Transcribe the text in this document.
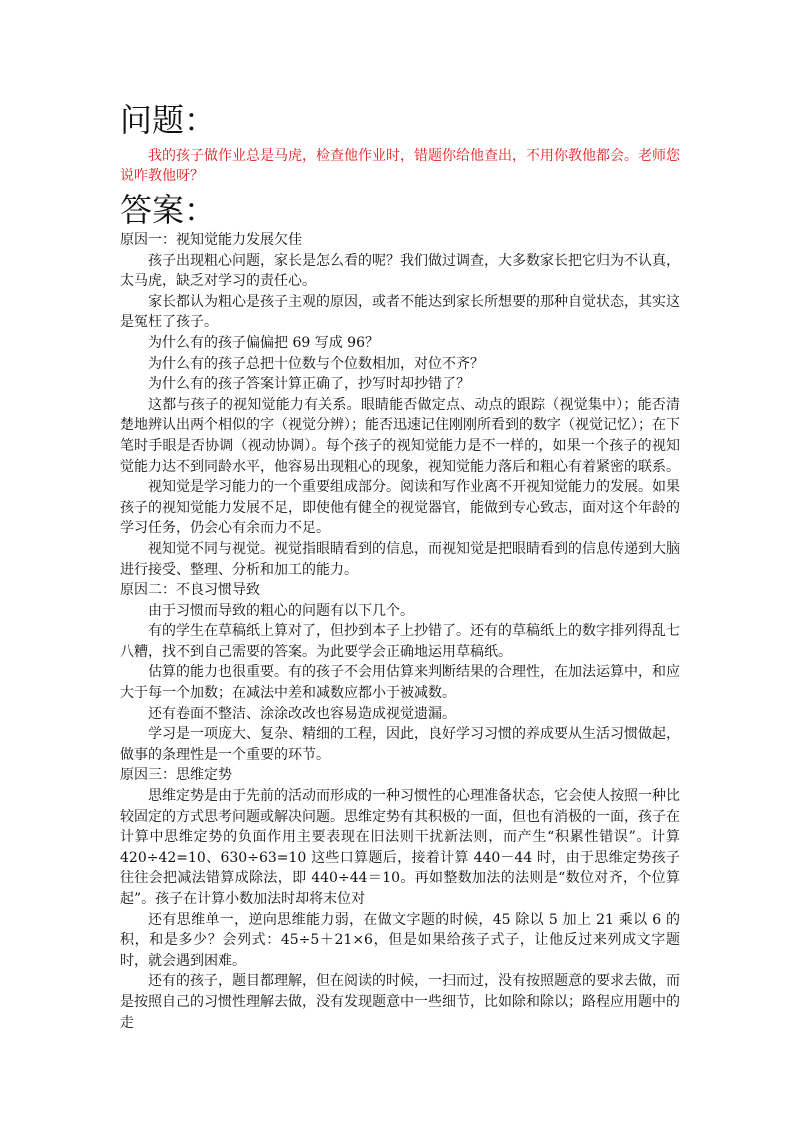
问题：

我的孩子做作业总是马虎，检查他作业时，错题你给他查出，不用你教他都会。老师您说咋教他呀？

答案：

原因一：视知觉能力发展欠佳

孩子出现粗心问题，家长是怎么看的呢？我们做过调查，大多数家长把它归为不认真，太马虎，缺乏对学习的责任心。

家长都认为粗心是孩子主观的原因，或者不能达到家长所想要的那种自觉状态，其实这是冤枉了孩子。

为什么有的孩子偏偏把 69 写成 96？

为什么有的孩子总把十位数与个位数相加，对位不齐？

为什么有的孩子答案计算正确了，抄写时却抄错了？

这都与孩子的视知觉能力有关系。眼睛能否做定点、动点的跟踪（视觉集中）；能否清楚地辨认出两个相似的字（视觉分辨）；能否迅速记住刚刚所看到的数字（视觉记忆）；在下笔时手眼是否协调（视动协调）。每个孩子的视知觉能力是不一样的，如果一个孩子的视知觉能力达不到同龄水平，他容易出现粗心的现象，视知觉能力落后和粗心有着紧密的联系。

视知觉是学习能力的一个重要组成部分。阅读和写作业离不开视知觉能力的发展。如果孩子的视知觉能力发展不足，即使他有健全的视觉器官，能做到专心致志，面对这个年龄的学习任务，仍会心有余而力不足。

视知觉不同与视觉。视觉指眼睛看到的信息，而视知觉是把眼睛看到的信息传递到大脑进行接受、整理、分析和加工的能力。

原因二：不良习惯导致

由于习惯而导致的粗心的问题有以下几个。

有的学生在草稿纸上算对了，但抄到本子上抄错了。还有的草稿纸上的数字排列得乱七八糟，找不到自己需要的答案。为此要学会正确地运用草稿纸。

估算的能力也很重要。有的孩子不会用估算来判断结果的合理性，在加法运算中，和应大于每一个加数；在减法中差和减数应都小于被减数。

还有卷面不整洁、涂涂改改也容易造成视觉遗漏。

学习是一项庞大、复杂、精细的工程，因此，良好学习习惯的养成要从生活习惯做起，做事的条理性是一个重要的环节。

原因三：思维定势

思维定势是由于先前的活动而形成的一种习惯性的心理准备状态，它会使人按照一种比较固定的方式思考问题或解决问题。思维定势有其积极的一面，但也有消极的一面，孩子在计算中思维定势的负面作用主要表现在旧法则干扰新法则，而产生“积累性错误”。计算 420÷42=10、630÷63=10 这些口算题后，接着计算 440－44 时，由于思维定势孩子往往会把减法错算成除法，即 440÷44＝10。再如整数加法的法则是“数位对齐，个位算起”。孩子在计算小数加法时却将末位对

还有思维单一，逆向思维能力弱，在做文字题的时候，45 除以 5 加上 21 乘以 6 的积，和是多少？会列式：45÷5＋21×6，但是如果给孩子式子，让他反过来列成文字题时，就会遇到困难。

还有的孩子，题目都理解，但在阅读的时候，一扫而过，没有按照题意的要求去做，而是按照自己的习惯性理解去做，没有发现题意中一些细节，比如除和除以；路程应用题中的走
